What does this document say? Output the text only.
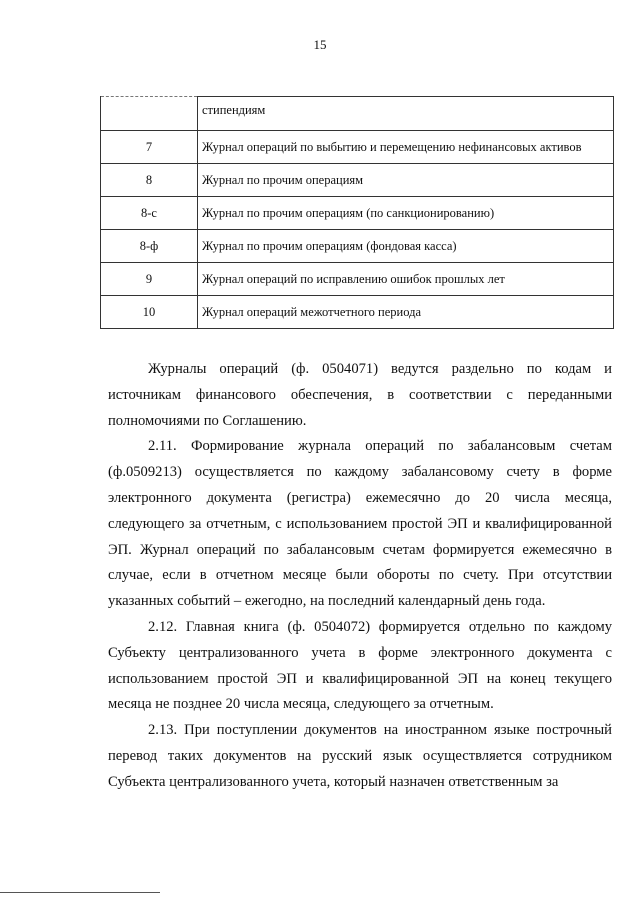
15
	стипендиям
7	Журнал операций по выбытию и перемещению нефинансовых активов
8	Журнал по прочим операциям
8-с	Журнал по прочим операциям (по санкционированию)
8-ф	Журнал по прочим операциям (фондовая касса)
9	Журнал операций по исправлению ошибок прошлых лет
10	Журнал операций межотчетного периода

Журналы операций (ф. 0504071) ведутся раздельно по кодам и источникам финансового обеспечения, в соответствии с переданными полномочиями по Соглашению.

2.11. Формирование журнала операций по забалансовым счетам (ф.0509213) осуществляется по каждому забалансовому счету в форме электронного документа (регистра) ежемесячно до 20 числа месяца, следующего за отчетным, с использованием простой ЭП и квалифицированной ЭП. Журнал операций по забалансовым счетам формируется ежемесячно в случае, если в отчетном месяце были обороты по счету. При отсутствии указанных событий – ежегодно, на последний календарный день года.

2.12. Главная книга (ф. 0504072) формируется отдельно по каждому Субъекту централизованного учета в форме электронного документа с использованием простой ЭП и квалифицированной ЭП на конец текущего месяца не позднее 20 числа месяца, следующего за отчетным.

2.13. При поступлении документов на иностранном языке построчный перевод таких документов на русский язык осуществляется сотрудником Субъекта централизованного учета, который назначен ответственным за
